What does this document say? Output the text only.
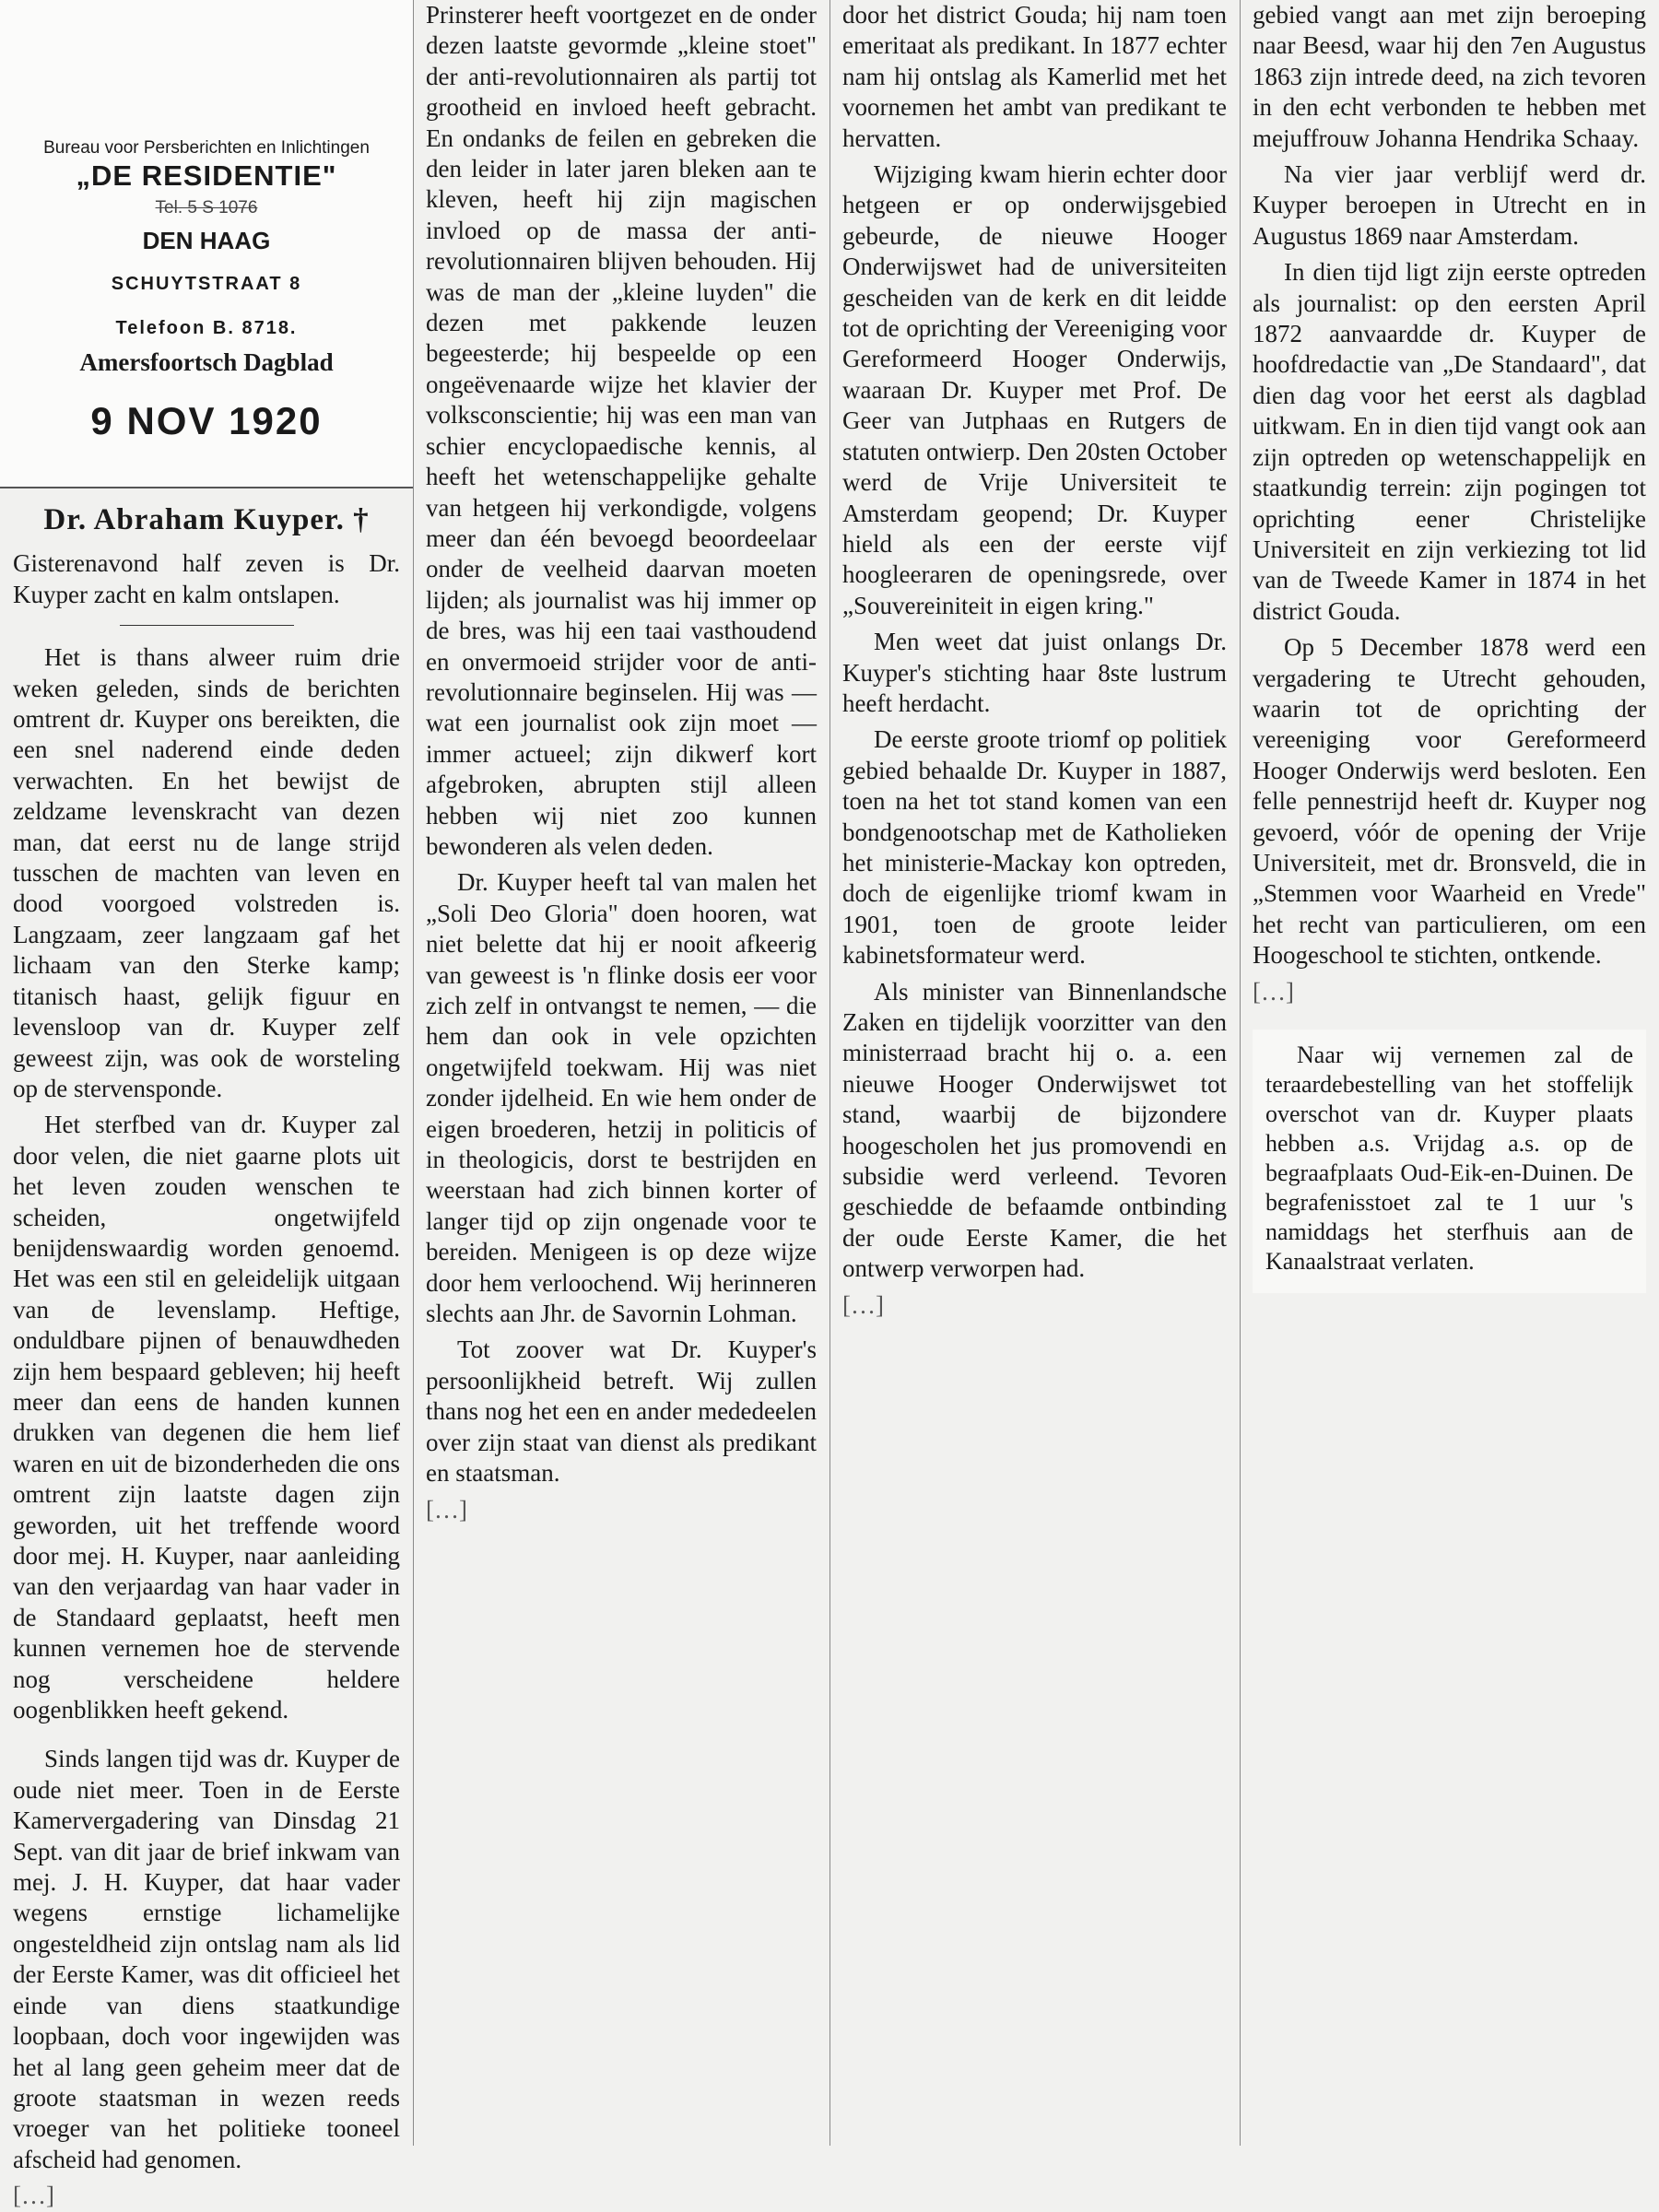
Bureau voor Persberichten en Inlichtingen
„DE RESIDENTIE"
Tel. 5 S 1076
DEN HAAG
SCHUYTSTRAAT 8
Telefoon B. 8718.
Amersfoortsch Dagblad
9 NOV 1920
Dr. Abraham Kuyper. †

Gisterenavond half zeven is Dr. Kuyper zacht en kalm ontslapen.

Het is thans alweer ruim drie weken geleden, sinds de berichten omtrent dr. Kuyper ons bereikten, die een snel naderend einde deden verwachten. En het bewijst de zeldzame levenskracht van dezen man, dat eerst nu de lange strijd tusschen de machten van leven en dood voorgoed volstreden is. Langzaam, zeer langzaam gaf het lichaam van den Sterke kamp; titanisch haast, gelijk figuur en levensloop van dr. Kuyper zelf geweest zijn, was ook de worsteling op de stervensponde.

Het sterfbed van dr. Kuyper zal door velen, die niet gaarne plots uit het leven zouden wenschen te scheiden, ongetwijfeld benijdenswaardig worden genoemd. Het was een stil en geleidelijk uitgaan van de levenslamp. Heftige, onduldbare pijnen of benauwdheden zijn hem bespaard gebleven; hij heeft meer dan eens de handen kunnen drukken van degenen die hem lief waren en uit de bizonderheden die ons omtrent zijn laatste dagen zijn geworden, uit het treffende woord door mej. H. Kuyper, naar aanleiding van den verjaardag van haar vader in de Standaard geplaatst, heeft men kunnen vernemen hoe de stervende nog verscheidene heldere oogenblikken heeft gekend.

Sinds langen tijd was dr. Kuyper de oude niet meer. Toen in de Eerste Kamervergadering van Dinsdag 21 Sept. van dit jaar de brief inkwam van mej. J. H. Kuyper, dat haar vader wegens ernstige lichamelijke ongesteldheid zijn ontslag nam als lid der Eerste Kamer, was dit officieel het einde van diens staatkundige loopbaan, doch voor ingewijden was het al lang geen geheim meer dat de groote staatsman in wezen reeds vroeger van het politieke tooneel afscheid had genomen.

[…]

Prinsterer heeft voortgezet en de onder dezen laatste gevormde „kleine stoet" der anti-revolutionnairen als partij tot grootheid en invloed heeft gebracht. En ondanks de feilen en gebreken die den leider in later jaren bleken aan te kleven, heeft hij zijn magischen invloed op de massa der anti-revolutionnairen blijven behouden. Hij was de man der „kleine luyden" die dezen met pakkende leuzen begeesterde; hij bespeelde op een ongeëvenaarde wijze het klavier der volksconscientie; hij was een man van schier encyclopaedische kennis, al heeft het wetenschappelijke gehalte van hetgeen hij verkondigde, volgens meer dan één bevoegd beoordeelaar onder de veelheid daarvan moeten lijden; als journalist was hij immer op de bres, was hij een taai vasthoudend en onvermoeid strijder voor de anti-revolutionnaire beginselen. Hij was — wat een journalist ook zijn moet — immer actueel; zijn dikwerf kort afgebroken, abrupten stijl alleen hebben wij niet zoo kunnen bewonderen als velen deden.

Dr. Kuyper heeft tal van malen het „Soli Deo Gloria" doen hooren, wat niet belette dat hij er nooit afkeerig van geweest is 'n flinke dosis eer voor zich zelf in ontvangst te nemen, — die hem dan ook in vele opzichten ongetwijfeld toekwam. Hij was niet zonder ijdelheid. En wie hem onder de eigen broederen, hetzij in politicis of in theologicis, dorst te bestrijden en weerstaan had zich binnen korter of langer tijd op zijn ongenade voor te bereiden. Menigeen is op deze wijze door hem verloochend. Wij herinneren slechts aan Jhr. de Savornin Lohman.

Tot zoover wat Dr. Kuyper's persoonlijkheid betreft. Wij zullen thans nog het een en ander mededeelen over zijn staat van dienst als predikant en staatsman.

[…]

door het district Gouda; hij nam toen emeritaat als predikant. In 1877 echter nam hij ontslag als Kamerlid met het voornemen het ambt van predikant te hervatten.

Wijziging kwam hierin echter door hetgeen er op onderwijsgebied gebeurde, de nieuwe Hooger Onderwijswet had de universiteiten gescheiden van de kerk en dit leidde tot de oprichting der Vereeniging voor Gereformeerd Hooger Onderwijs, waaraan Dr. Kuyper met Prof. De Geer van Jutphaas en Rutgers de statuten ontwierp. Den 20sten October werd de Vrije Universiteit te Amsterdam geopend; Dr. Kuyper hield als een der eerste vijf hoogleeraren de openingsrede, over „Souvereiniteit in eigen kring."

Men weet dat juist onlangs Dr. Kuyper's stichting haar 8ste lustrum heeft herdacht.

De eerste groote triomf op politiek gebied behaalde Dr. Kuyper in 1887, toen na het tot stand komen van een bondgenootschap met de Katholieken het ministerie-Mackay kon optreden, doch de eigenlijke triomf kwam in 1901, toen de groote leider kabinetsformateur werd.

Als minister van Binnenlandsche Zaken en tijdelijk voorzitter van den ministerraad bracht hij o. a. een nieuwe Hooger Onderwijswet tot stand, waarbij de bijzondere hoogescholen het jus promovendi en subsidie werd verleend. Tevoren geschiedde de befaamde ontbinding der oude Eerste Kamer, die het ontwerp verworpen had.

[…]

gebied vangt aan met zijn beroeping naar Beesd, waar hij den 7en Augustus 1863 zijn intrede deed, na zich tevoren in den echt verbonden te hebben met mejuffrouw Johanna Hendrika Schaay.

Na vier jaar verblijf werd dr. Kuyper beroepen in Utrecht en in Augustus 1869 naar Amsterdam.

In dien tijd ligt zijn eerste optreden als journalist: op den eersten April 1872 aanvaardde dr. Kuyper de hoofdredactie van „De Standaard", dat dien dag voor het eerst als dagblad uitkwam. En in dien tijd vangt ook aan zijn optreden op wetenschappelijk en staatkundig terrein: zijn pogingen tot oprichting eener Christelijke Universiteit en zijn verkiezing tot lid van de Tweede Kamer in 1874 in het district Gouda.

Op 5 December 1878 werd een vergadering te Utrecht gehouden, waarin tot de oprichting der vereeniging voor Gereformeerd Hooger Onderwijs werd besloten. Een felle pennestrijd heeft dr. Kuyper nog gevoerd, vóór de opening der Vrije Universiteit, met dr. Bronsveld, die in „Stemmen voor Waarheid en Vrede" het recht van particulieren, om een Hoogeschool te stichten, ontkende.

[…]

Naar wij vernemen zal de teraardebestelling van het stoffelijk overschot van dr. Kuyper plaats hebben a.s. Vrijdag a.s. op de begraafplaats Oud-Eik-en-Duinen. De begrafenisstoet zal te 1 uur 's namiddags het sterfhuis aan de Kanaalstraat verlaten.
